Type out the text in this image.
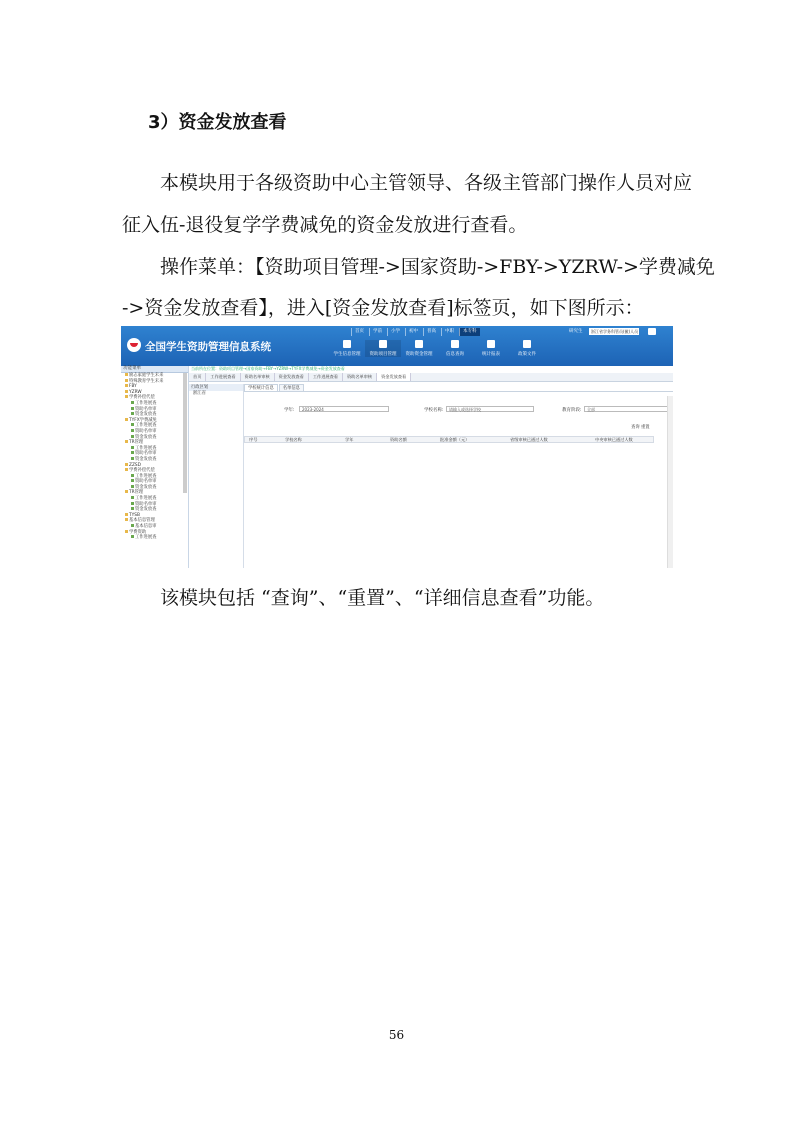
3）资金发放查看
本模块用于各级资助中心主管领导、各级主管部门操作人员对应
征入伍-退役复学学费减免的资金发放进行查看。
操作菜单：【资助项目管理->国家资助->FBY->YZRW->学费减免
->资金发放查看】，进入[资金发放查看]标签页，如下图所示：
全国学生资助管理信息系统
首页	学前	小学	初中	普高	中职	本专科	研究生	浙江省学务科管员(撤)人员
学生信息管理	资助项目管理	资助资金管理	信息查询	统计报表	政策文件
功能菜单
励志家庭学生未来
特殊教育学生未来
FBY
YZRW
学费补偿代偿
工作进展查
资助名单审
资金发放查
TYFX学费减免
工作进展查
资助名单审
资金发放查
TR管理
工作进展查
资助名单审
资金发放查
ZZSD
学费补偿代偿
工作进展查
资助名单审
资金发放查
TR管理
工作进展查
资助名单审
资金发放查
TYSB
基本信息管理
基本信息审
学费资助
工作进展查
当前所在位置：资助项目管理→国家资助→FBY→YZRW→TYFX学费减免→资金发放查看
首页	工作进展查看	资助名单审核	资金发放查看	工作进展查看	资助名单审核	资金发放查看
行政区划
浙江省
学校统计信息	名单信息
学年:	2023-2024	学校名称:	请输入或选择学校	教育阶段:	全部
查询 重置
序号	学校名称	学年	资助名额	批准金额（元）	省级审核已通过人数	中央审核已通过人数
该模块包括 “查询”、“重置”、“详细信息查看”功能。
56
